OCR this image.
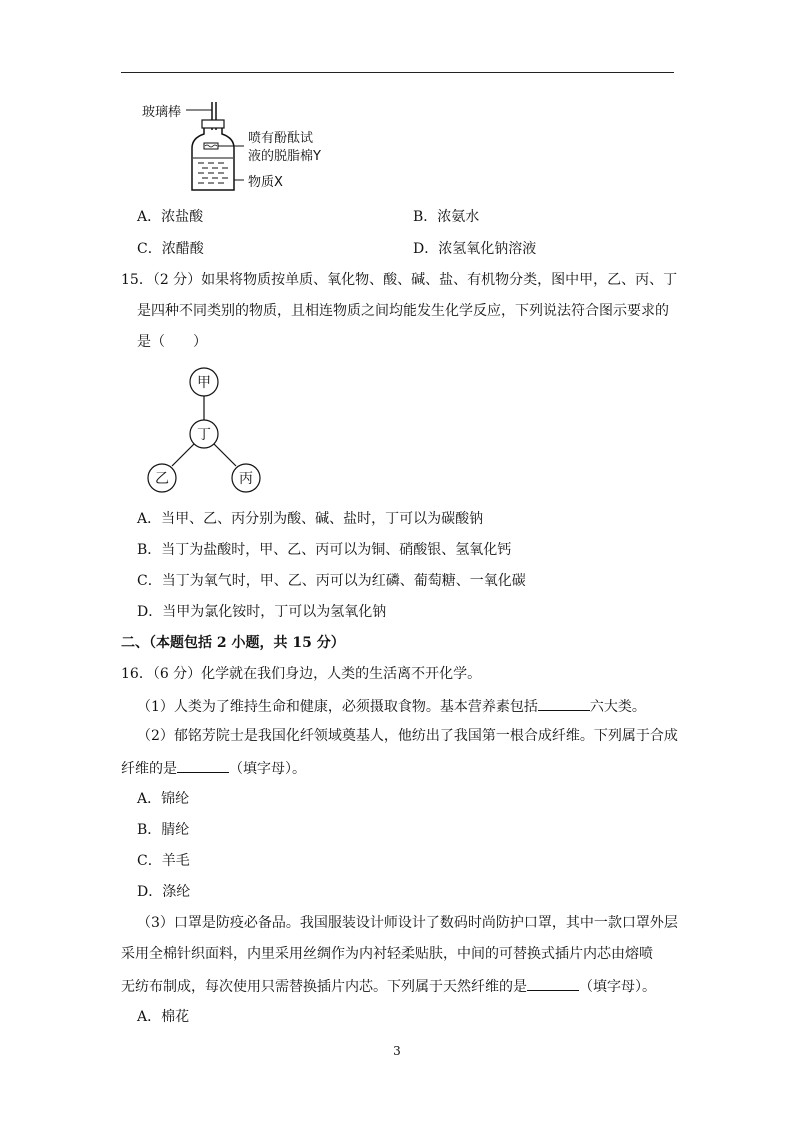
玻璃棒
喷有酚酞试
液的脱脂棉Y
物质X
A．浓盐酸	B．浓氨水
C．浓醋酸	D．浓氢氧化钠溶液
15．（2 分）如果将物质按单质、氧化物、酸、碱、盐、有机物分类，图中甲，乙、丙、丁
是四种不同类别的物质，且相连物质之间均能发生化学反应，下列说法符合图示要求的
是（　　）
甲
丁
乙	丙
A．当甲、乙、丙分别为酸、碱、盐时，丁可以为碳酸钠
B．当丁为盐酸时，甲、乙、丙可以为铜、硝酸银、氢氧化钙
C．当丁为氧气时，甲、乙、丙可以为红磷、葡萄糖、一氧化碳
D．当甲为氯化铵时，丁可以为氢氧化钠
二、（本题包括 2 小题，共 15 分）
16．（6 分）化学就在我们身边，人类的生活离不开化学。
（1）人类为了维持生命和健康，必须摄取食物。基本营养素包括	六大类。
（2）郁铭芳院士是我国化纤领域奠基人，他纺出了我国第一根合成纤维。下列属于合成
纤维的是	（填字母）。
A．锦纶
B．腈纶
C．羊毛
D．涤纶
（3）口罩是防疫必备品。我国服装设计师设计了数码时尚防护口罩，其中一款口罩外层
采用全棉针织面料，内里采用丝绸作为内衬轻柔贴肤，中间的可替换式插片内芯由熔喷
无纺布制成，每次使用只需替换插片内芯。下列属于天然纤维的是	（填字母）。
A．棉花
3
